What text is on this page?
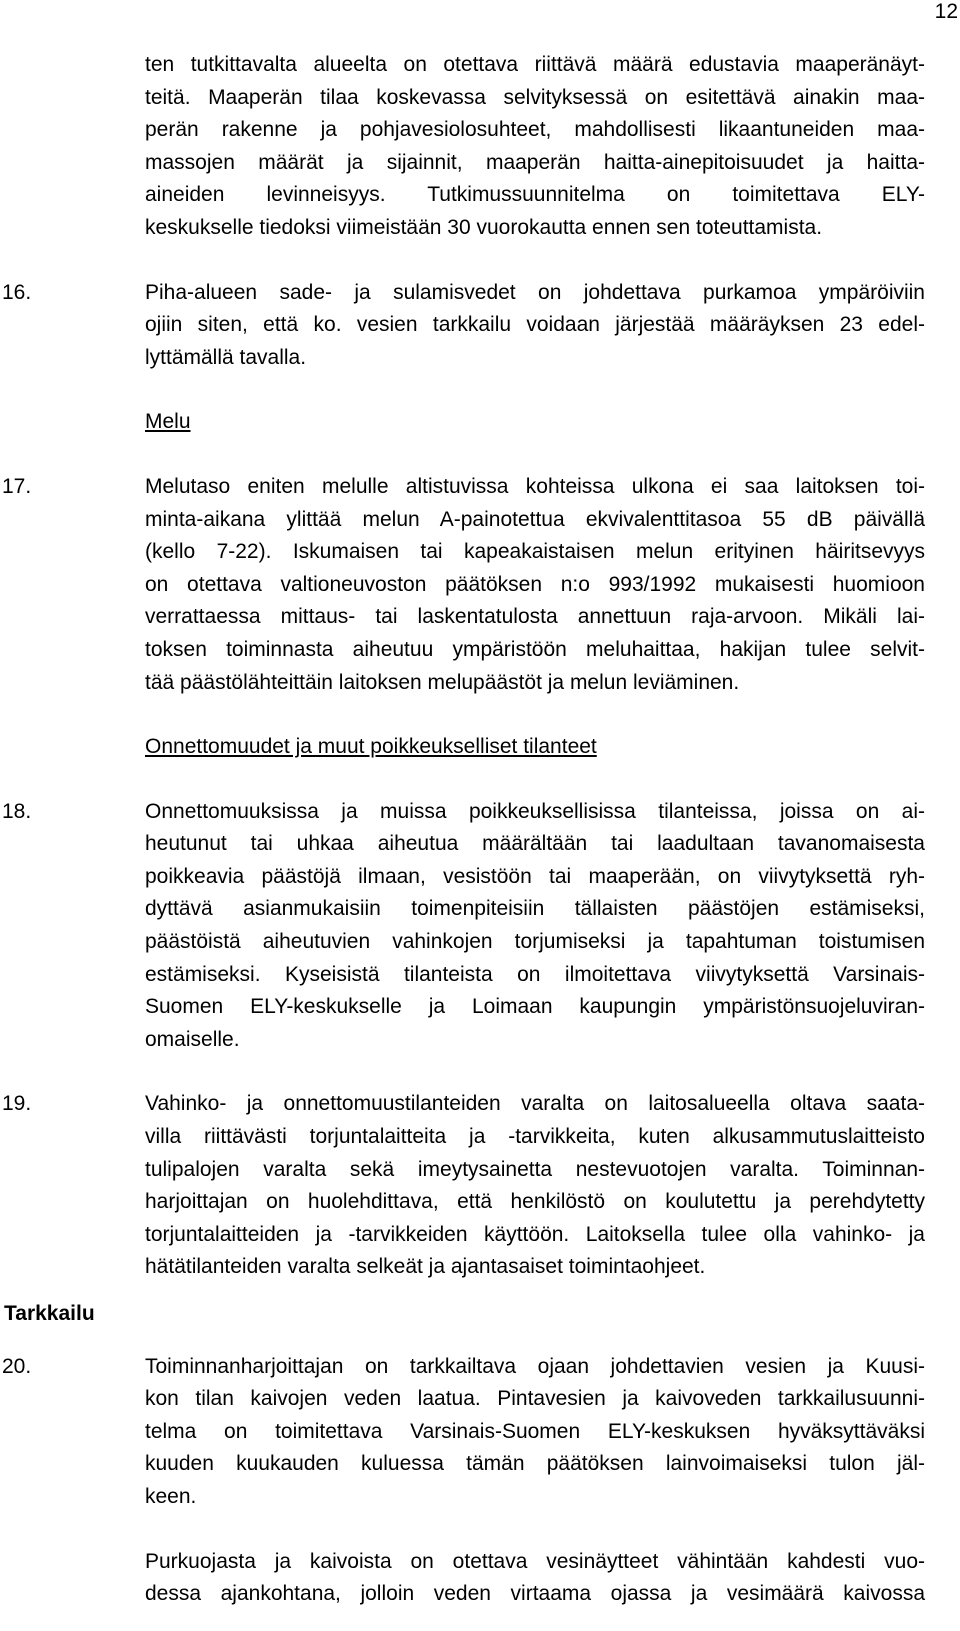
12
ten tutkittavalta alueelta on otettava riittävä määrä edustavia maaperänäyt-
teitä. Maaperän tilaa koskevassa selvityksessä on esitettävä ainakin maa-
perän rakenne ja pohjavesiolosuhteet, mahdollisesti likaantuneiden maa-
massojen määrät ja sijainnit, maaperän haitta-ainepitoisuudet ja haitta-
aineiden levinneisyys. Tutkimussuunnitelma on toimitettava ELY-
keskukselle tiedoksi viimeistään 30 vuorokautta ennen sen toteuttamista.
16.	Piha-alueen sade- ja sulamisvedet on johdettava purkamoa ympäröiviin
ojiin siten, että ko. vesien tarkkailu voidaan järjestää määräyksen 23 edel-
lyttämällä tavalla.
Melu
17.	Melutaso eniten melulle altistuvissa kohteissa ulkona ei saa laitoksen toi-
minta-aikana ylittää melun A-painotettua ekvivalenttitasoa 55 dB päivällä
(kello 7-22). Iskumaisen tai kapeakaistaisen melun erityinen häiritsevyys
on otettava valtioneuvoston päätöksen n:o 993/1992 mukaisesti huomioon
verrattaessa mittaus- tai laskentatulosta annettuun raja-arvoon. Mikäli lai-
toksen toiminnasta aiheutuu ympäristöön meluhaittaa, hakijan tulee selvit-
tää päästölähteittäin laitoksen melupäästöt ja melun leviäminen.
Onnettomuudet ja muut poikkeukselliset tilanteet
18.	Onnettomuuksissa ja muissa poikkeuksellisissa tilanteissa, joissa on ai-
heutunut tai uhkaa aiheutua määrältään tai laadultaan tavanomaisesta
poikkeavia päästöjä ilmaan, vesistöön tai maaperään, on viivytyksettä ryh-
dyttävä asianmukaisiin toimenpiteisiin tällaisten päästöjen estämiseksi,
päästöistä aiheutuvien vahinkojen torjumiseksi ja tapahtuman toistumisen
estämiseksi. Kyseisistä tilanteista on ilmoitettava viivytyksettä Varsinais-
Suomen ELY-keskukselle ja Loimaan kaupungin ympäristönsuojeluviran-
omaiselle.
19.	Vahinko- ja onnettomuustilanteiden varalta on laitosalueella oltava saata-
villa riittävästi torjuntalaitteita ja -tarvikkeita, kuten alkusammutuslaitteisto
tulipalojen varalta sekä imeytysainetta nestevuotojen varalta. Toiminnan-
harjoittajan on huolehdittava, että henkilöstö on koulutettu ja perehdytetty
torjuntalaitteiden ja -tarvikkeiden käyttöön. Laitoksella tulee olla vahinko- ja
hätätilanteiden varalta selkeät ja ajantasaiset toimintaohjeet.
Tarkkailu
20.	Toiminnanharjoittajan on tarkkailtava ojaan johdettavien vesien ja Kuusi-
kon tilan kaivojen veden laatua. Pintavesien ja kaivoveden tarkkailusuunni-
telma on toimitettava Varsinais-Suomen ELY-keskuksen hyväksyttäväksi
kuuden kuukauden kuluessa tämän päätöksen lainvoimaiseksi tulon jäl-
keen.
Purkuojasta ja kaivoista on otettava vesinäytteet vähintään kahdesti vuo-
dessa ajankohtana, jolloin veden virtaama ojassa ja vesimäärä kaivossa
